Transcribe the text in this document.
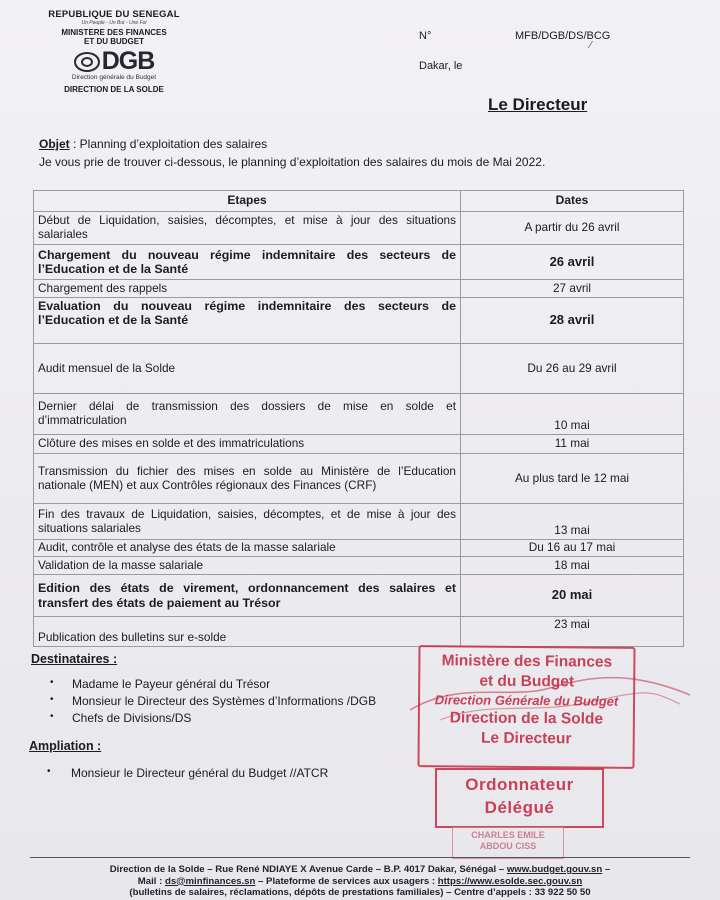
REPUBLIQUE DU SENEGAL
Un Peuple - Un But - Une Foi
MINISTERE DES FINANCES
ET DU BUDGET
DGB
Direction générale du Budget
DIRECTION DE LA SOLDE
N°	MFB/DGB/DS/BCG
⁄
Dakar, le
Le Directeur
Objet : Planning d’exploitation des salaires
Je vous prie de trouver ci-dessous, le planning d’exploitation des salaires du mois de Mai 2022.
Etapes	Dates
Début de Liquidation, saisies, décomptes, et mise à jour des situations salariales	A partir du 26 avril
Chargement du nouveau régime indemnitaire des secteurs de l’Education et de la Santé	26 avril
Chargement des rappels	27 avril
Evaluation du nouveau régime indemnitaire des secteurs de l’Education et de la Santé	28 avril
Audit mensuel de la Solde	Du 26 au 29 avril
Dernier délai de transmission des dossiers de mise en solde et d’immatriculation	10 mai
Clôture des mises en solde et des immatriculations	11 mai
Transmission du fichier des mises en solde au Ministère de l’Education nationale (MEN) et aux Contrôles régionaux des Finances (CRF)	Au plus tard le 12 mai
Fin des travaux de Liquidation, saisies, décomptes, et de mise à jour des situations salariales	13 mai
Audit, contrôle et analyse des états de la masse salariale	Du 16 au 17 mai
Validation de la masse salariale	18 mai
Edition des états de virement, ordonnancement des salaires et transfert des états de paiement au Trésor	20 mai
Publication des bulletins sur e-solde	23 mai
Destinataires :
• Madame le Payeur général du Trésor
• Monsieur le Directeur des Systèmes d’Informations /DGB
• Chefs de Divisions/DS
Ampliation :
• Monsieur le Directeur général du Budget //ATCR
Ministère des Finances
et du Budget
Direction Générale du Budget
Direction de la Solde
Le Directeur
Ordonnateur
Délégué
CHARLES EMILE
ABDOU CISS
Direction de la Solde – Rue René NDIAYE X Avenue Carde – B.P. 4017 Dakar, Sénégal – www.budget.gouv.sn –
Mail : ds@minfinances.sn – Plateforme de services aux usagers : https://www.esolde.sec.gouv.sn
(bulletins de salaires, réclamations, dépôts de prestations familiales) – Centre d’appels : 33 922 50 50
